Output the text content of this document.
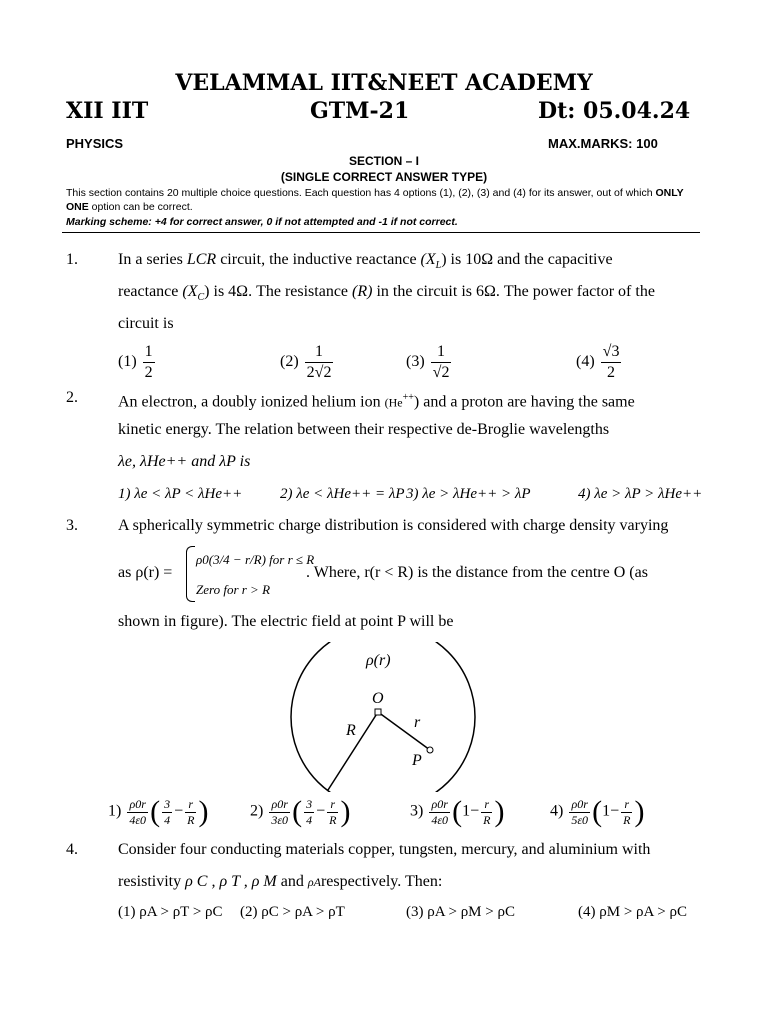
VELAMMAL IIT&NEET ACADEMY
XII IIT	GTM-21	Dt: 05.04.24
PHYSICS	MAX.MARKS: 100
SECTION – I
(SINGLE CORRECT ANSWER TYPE)
This section contains 20 multiple choice questions. Each question has 4 options (1), (2), (3) and (4) for its answer, out of which ONLY ONE option can be correct.
Marking scheme: +4 for correct answer, 0 if not attempted and -1 if not correct.
1.	In a series LCR circuit, the inductive reactance $(X_L)$ is 10Ω and the capacitive
reactance $(X_C)$ is 4Ω. The resistance (R) in the circuit is 6Ω. The power factor of the
circuit is
$(1) \frac{1}{2}$	$(2) \frac{1}{2√2}$	$(3) \frac{1}{√2}$	$(4) \frac{√3}{2}$
2.	An electron, a doubly ionized helium ion (He++) and a proton are having the same
kinetic energy. The relation between their respective de-Broglie wavelengths
λe, λHe++ and λP is
1) λe < λP < λHe++	2) λe < λHe++ = λP 3) λe > λHe++ > λP	4) λe > λP > λHe++
3.	A spherically symmetric charge distribution is considered with charge density varying
as ρ(r) =
ρ0(3/4 − r/R) for r ≤ R
Zero for r > R
. Where, r(r < R) is the distance from the centre O (as
shown in figure). The electric field at point P will be
ρ(r)
O
R	r
P
$1) \frac{\rho 0r}{4\varepsilon 0}$ ( $\frac{3}{4} - \frac{r}{R}$ )	$2) \frac{\rho 0r}{3\varepsilon 0}$ ( $\frac{3}{4} - \frac{r}{R}$ )	$3) \frac{\rho 0r}{4\varepsilon 0} (1- \frac{r}{R}$ )	$4) \frac{\rho 0r}{5\varepsilon 0} (1- \frac{r}{R}$ )
4.	Consider four conducting materials copper, tungsten, mercury, and aluminium with
resistivity ρ C , ρ T , ρ M and ρArespectively. Then:
(1) ρA > ρT > ρC (2) ρC > ρA > ρT	(3) ρA > ρM > ρC	(4) ρM > ρA > ρC
